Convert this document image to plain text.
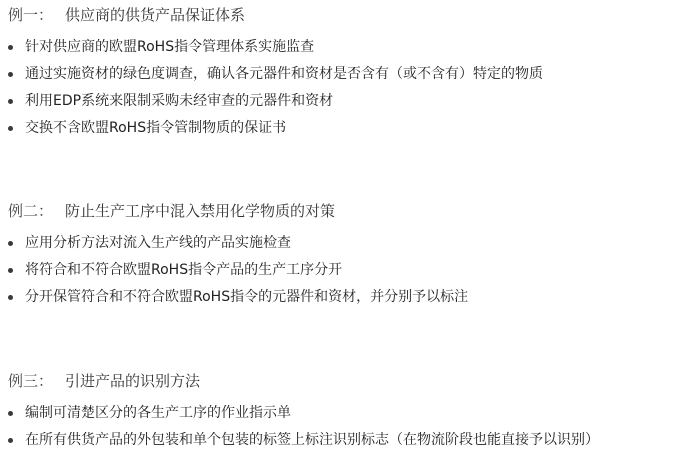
例一： 供应商的供货产品保证体系
针对供应商的欧盟RoHS指令管理体系实施监查
通过实施资材的绿色度调查，确认各元器件和资材是否含有（或不含有）特定的物质
利用EDP系统来限制采购未经审查的元器件和资材
交换不含欧盟RoHS指令管制物质的保证书
例二： 防止生产工序中混入禁用化学物质的对策
应用分析方法对流入生产线的产品实施检查
将符合和不符合欧盟RoHS指令产品的生产工序分开
分开保管符合和不符合欧盟RoHS指令的元器件和资材，并分别予以标注
例三： 引进产品的识别方法
编制可清楚区分的各生产工序的作业指示单
在所有供货产品的外包装和单个包装的标签上标注识别标志（在物流阶段也能直接予以识别）
